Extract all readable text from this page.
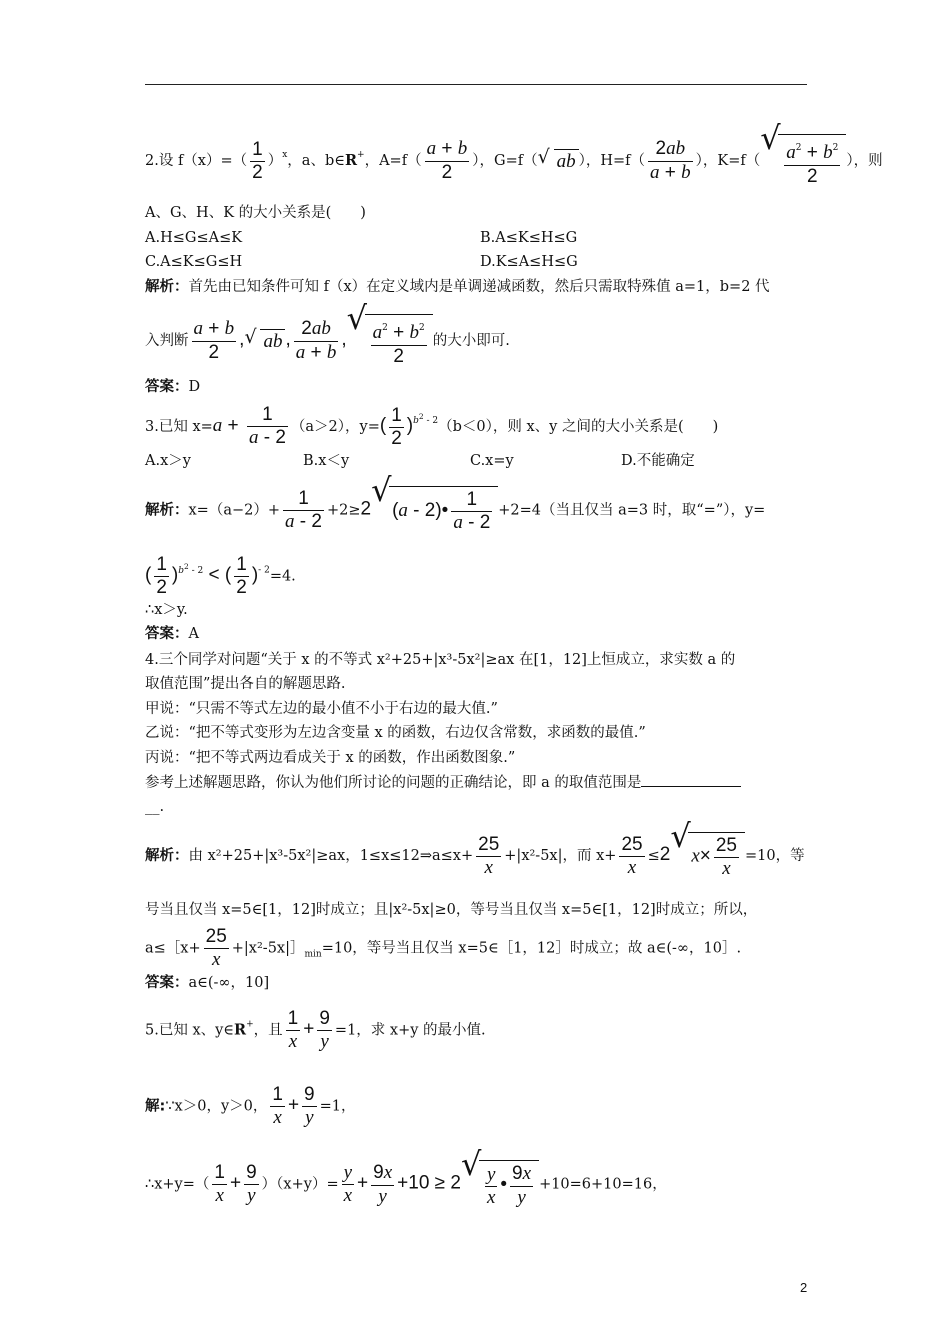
2.设 $f(x)=( \frac{1}{2} )^x$，a、b∈R+，A=f（
a + b
2
），G=f（ √ ab ），$H=f( \frac{2ab}{a + b}$ ），K=f（
√ $a^2 + b^2$
2
），则
A、G、H、K 的大小关系是(　　)
A.H≤G≤A≤K	B.A≤K≤H≤G
C.A≤K≤G≤H	D.K≤A≤H≤G
解析：首先由已知条件可知 f（x）在定义域内是单调递减函数，然后只需取特殊值 a=1，b=2 代
入判断
a + b
2
, √ ab , $\frac{2ab}{a + b}$ ,
√ $a^2 + b^2$
2
的大小即可.
答案：D
3.已知 x=a +
1
a - 2 （a＞2），$y=( \frac{1}{2} )^{b^2 - 2}(b<0)$，则 x、y 之间的大小关系是(　　)
A.x＞y	B.x＜y	C.x=y	D.不能确定
解析：x=（a−2）+
1
a - 2 +2≥2 √
(a - 2)•
1
a - 2
+2=4（当且仅当 a=3 时，取“=”），y=
( $\frac{1}{2} )^{b^2 - 2}$ < ( $\frac{1}{2} )^{- 2}=4$.
∴x＞y.
答案：A
4.三个同学对问题“关于 x 的不等式 x²+25+|x³-5x²|≥ax 在[1，12]上恒成立，求实数 a 的
取值范围”提出各自的解题思路.
甲说：“只需不等式左边的最小值不小于右边的最大值.”
乙说：“把不等式变形为左边含变量 x 的函数，右边仅含常数，求函数的最值.”
丙说：“把不等式两边看成关于 x 的函数，作出函数图象.”
参考上述解题思路，你认为他们所讨论的问题的正确结论，即 a 的取值范围是
__.
解析：由 x²+25+|x³-5x²|≥ax，1≤x≤12⇒a≤x+ $\frac{25}{x} +|x^2-5x|$，而 $x+ \frac{25}{x} \le 2$ √
$x\times \frac{25}{x} =10$，等
号当且仅当 x=5∈[1，12]时成立；且|x²-5x|≥0，等号当且仅当 x=5∈[1，12]时成立；所以，
a≤［x+ $\frac{25}{x}$ $+|x^2-5x|]_{min}=10$，等号当且仅当 x=5∈［1，12］时成立；故 a∈(-∞，10］.
答案：a∈(-∞，10]
5.已知 x、y∈R+，且 $\frac{1}{x} + \frac{9}{y} =1$，求 x+y 的最小值.
解:∵x＞0，y＞0， $\frac{1}{x} + \frac{9}{y} =1$，
∴x+y=（ $\frac{1}{x} + \frac{9}{y} )(x+y)= \frac{y}{x}$ +
9x
y
+10 ≥ 2 √ $\frac{y}{x}$ •
9x
y
+10=6+10=16，
2
